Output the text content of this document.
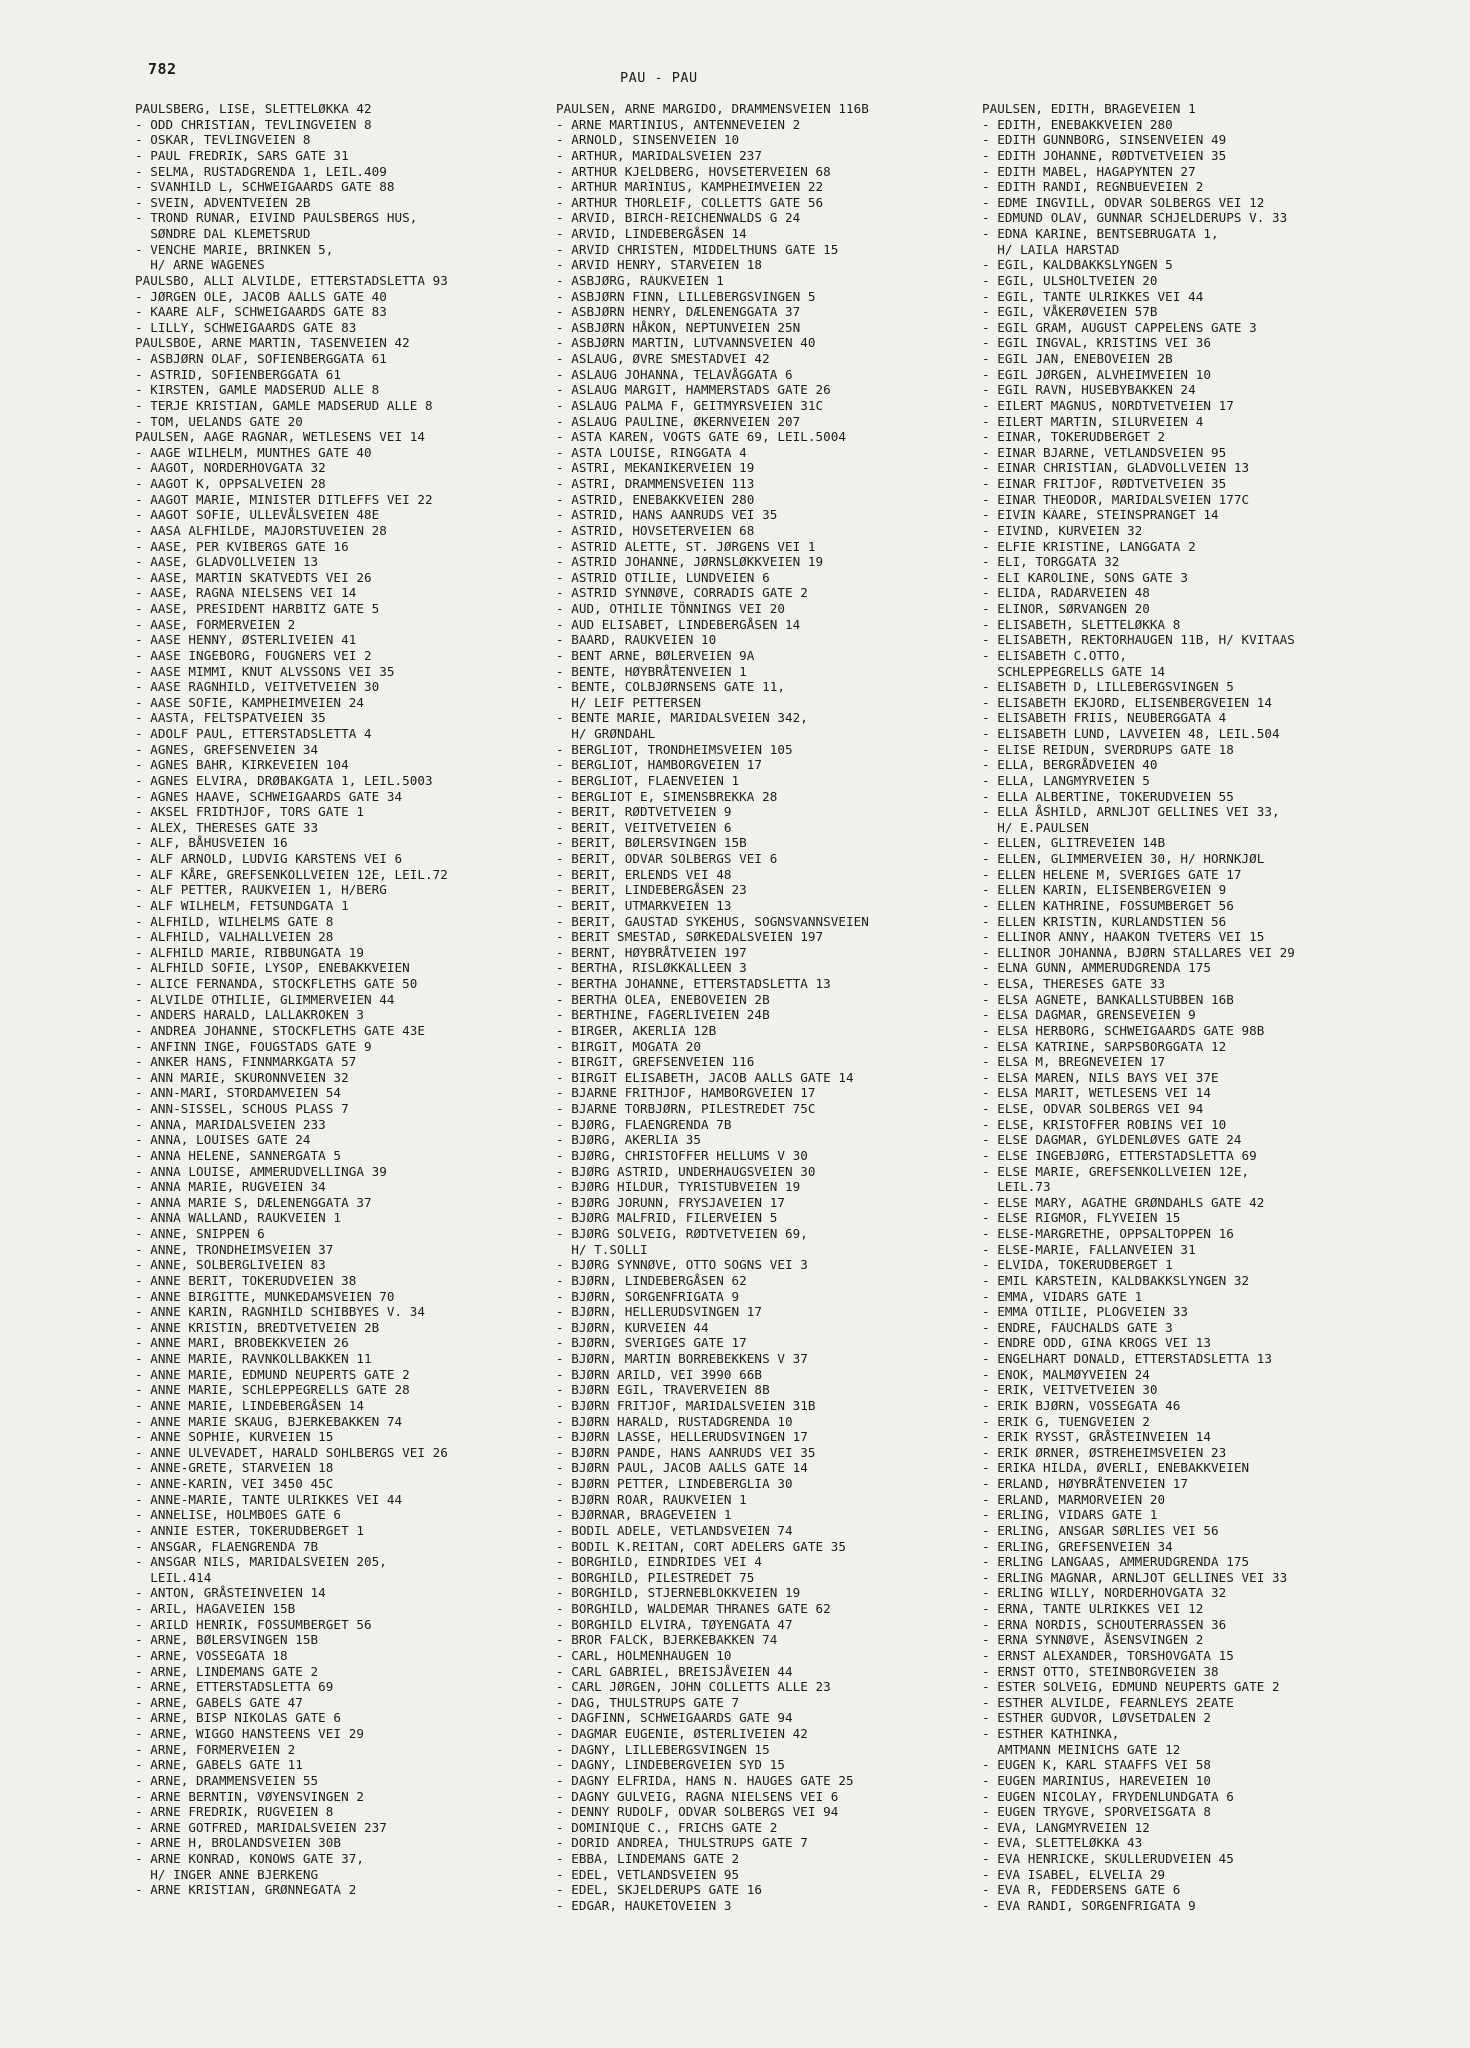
782	PAU - PAU
PAULSBERG, LISE, SLETTELØKKA 42
- ODD CHRISTIAN, TEVLINGVEIEN 8
- OSKAR, TEVLINGVEIEN 8
- PAUL FREDRIK, SARS GATE 31
- SELMA, RUSTADGRENDA 1, LEIL.409
- SVANHILD L, SCHWEIGAARDS GATE 88
- SVEIN, ADVENTVEIEN 2B
- TROND RUNAR, EIVIND PAULSBERGS HUS,
SØNDRE DAL KLEMETSRUD
- VENCHE MARIE, BRINKEN 5,
H/ ARNE WAGENES
PAULSBO, ALLI ALVILDE, ETTERSTADSLETTA 93
- JØRGEN OLE, JACOB AALLS GATE 40
- KAARE ALF, SCHWEIGAARDS GATE 83
- LILLY, SCHWEIGAARDS GATE 83
PAULSBOE, ARNE MARTIN, TASENVEIEN 42
- ASBJØRN OLAF, SOFIENBERGGATA 61
- ASTRID, SOFIENBERGGATA 61
- KIRSTEN, GAMLE MADSERUD ALLE 8
- TERJE KRISTIAN, GAMLE MADSERUD ALLE 8
- TOM, UELANDS GATE 20
PAULSEN, AAGE RAGNAR, WETLESENS VEI 14
- AAGE WILHELM, MUNTHES GATE 40
- AAGOT, NORDERHOVGATA 32
- AAGOT K, OPPSALVEIEN 28
- AAGOT MARIE, MINISTER DITLEFFS VEI 22
- AAGOT SOFIE, ULLEVÅLSVEIEN 48E
- AASA ALFHILDE, MAJORSTUVEIEN 28
- AASE, PER KVIBERGS GATE 16
- AASE, GLADVOLLVEIEN 13
- AASE, MARTIN SKATVEDTS VEI 26
- AASE, RAGNA NIELSENS VEI 14
- AASE, PRESIDENT HARBITZ GATE 5
- AASE, FORMERVEIEN 2
- AASE HENNY, ØSTERLIVEIEN 41
- AASE INGEBORG, FOUGNERS VEI 2
- AASE MIMMI, KNUT ALVSSONS VEI 35
- AASE RAGNHILD, VEITVETVEIEN 30
- AASE SOFIE, KAMPHEIMVEIEN 24
- AASTA, FELTSPATVEIEN 35
- ADOLF PAUL, ETTERSTADSLETTA 4
- AGNES, GREFSENVEIEN 34
- AGNES BAHR, KIRKEVEIEN 104
- AGNES ELVIRA, DRØBAKGATA 1, LEIL.5003
- AGNES HAAVE, SCHWEIGAARDS GATE 34
- AKSEL FRIDTHJOF, TORS GATE 1
- ALEX, THERESES GATE 33
- ALF, BÅHUSVEIEN 16
- ALF ARNOLD, LUDVIG KARSTENS VEI 6
- ALF KÅRE, GREFSENKOLLVEIEN 12E, LEIL.72
- ALF PETTER, RAUKVEIEN 1, H/BERG
- ALF WILHELM, FETSUNDGATA 1
- ALFHILD, WILHELMS GATE 8
- ALFHILD, VALHALLVEIEN 28
- ALFHILD MARIE, RIBBUNGATA 19
- ALFHILD SOFIE, LYSOP, ENEBAKKVEIEN
- ALICE FERNANDA, STOCKFLETHS GATE 50
- ALVILDE OTHILIE, GLIMMERVEIEN 44
- ANDERS HARALD, LALLAKROKEN 3
- ANDREA JOHANNE, STOCKFLETHS GATE 43E
- ANFINN INGE, FOUGSTADS GATE 9
- ANKER HANS, FINNMARKGATA 57
- ANN MARIE, SKURONNVEIEN 32
- ANN-MARI, STORDAMVEIEN 54
- ANN-SISSEL, SCHOUS PLASS 7
- ANNA, MARIDALSVEIEN 233
- ANNA, LOUISES GATE 24
- ANNA HELENE, SANNERGATA 5
- ANNA LOUISE, AMMERUDVELLINGA 39
- ANNA MARIE, RUGVEIEN 34
- ANNA MARIE S, DÆLENENGGATA 37
- ANNA WALLAND, RAUKVEIEN 1
- ANNE, SNIPPEN 6
- ANNE, TRONDHEIMSVEIEN 37
- ANNE, SOLBERGLIVEIEN 83
- ANNE BERIT, TOKERUDVEIEN 38
- ANNE BIRGITTE, MUNKEDAMSVEIEN 70
- ANNE KARIN, RAGNHILD SCHIBBYES V. 34
- ANNE KRISTIN, BREDTVETVEIEN 2B
- ANNE MARI, BROBEKKVEIEN 26
- ANNE MARIE, RAVNKOLLBAKKEN 11
- ANNE MARIE, EDMUND NEUPERTS GATE 2
- ANNE MARIE, SCHLEPPEGRELLS GATE 28
- ANNE MARIE, LINDEBERGÅSEN 14
- ANNE MARIE SKAUG, BJERKEBAKKEN 74
- ANNE SOPHIE, KURVEIEN 15
- ANNE ULVEVADET, HARALD SOHLBERGS VEI 26
- ANNE-GRETE, STARVEIEN 18
- ANNE-KARIN, VEI 3450 45C
- ANNE-MARIE, TANTE ULRIKKES VEI 44
- ANNELISE, HOLMBOES GATE 6
- ANNIE ESTER, TOKERUDBERGET 1
- ANSGAR, FLAENGRENDA 7B
- ANSGAR NILS, MARIDALSVEIEN 205,
LEIL.414
- ANTON, GRÅSTEINVEIEN 14
- ARIL, HAGAVEIEN 15B
- ARILD HENRIK, FOSSUMBERGET 56
- ARNE, BØLERSVINGEN 15B
- ARNE, VOSSEGATA 18
- ARNE, LINDEMANS GATE 2
- ARNE, ETTERSTADSLETTA 69
- ARNE, GABELS GATE 47
- ARNE, BISP NIKOLAS GATE 6
- ARNE, WIGGO HANSTEENS VEI 29
- ARNE, FORMERVEIEN 2
- ARNE, GABELS GATE 11
- ARNE, DRAMMENSVEIEN 55
- ARNE BERNTIN, VØYENSVINGEN 2
- ARNE FREDRIK, RUGVEIEN 8
- ARNE GOTFRED, MARIDALSVEIEN 237
- ARNE H, BROLANDSVEIEN 30B
- ARNE KONRAD, KONOWS GATE 37,
H/ INGER ANNE BJERKENG
- ARNE KRISTIAN, GRØNNEGATA 2
PAULSEN, ARNE MARGIDO, DRAMMENSVEIEN 116B
- ARNE MARTINIUS, ANTENNEVEIEN 2
- ARNOLD, SINSENVEIEN 10
- ARTHUR, MARIDALSVEIEN 237
- ARTHUR KJELDBERG, HOVSETERVEIEN 68
- ARTHUR MARINIUS, KAMPHEIMVEIEN 22
- ARTHUR THORLEIF, COLLETTS GATE 56
- ARVID, BIRCH-REICHENWALDS G 24
- ARVID, LINDEBERGÅSEN 14
- ARVID CHRISTEN, MIDDELTHUNS GATE 15
- ARVID HENRY, STARVEIEN 18
- ASBJØRG, RAUKVEIEN 1
- ASBJØRN FINN, LILLEBERGSVINGEN 5
- ASBJØRN HENRY, DÆLENENGGATA 37
- ASBJØRN HÅKON, NEPTUNVEIEN 25N
- ASBJØRN MARTIN, LUTVANNSVEIEN 40
- ASLAUG, ØVRE SMESTADVEI 42
- ASLAUG JOHANNA, TELAVÅGGATA 6
- ASLAUG MARGIT, HAMMERSTADS GATE 26
- ASLAUG PALMA F, GEITMYRSVEIEN 31C
- ASLAUG PAULINE, ØKERNVEIEN 207
- ASTA KAREN, VOGTS GATE 69, LEIL.5004
- ASTA LOUISE, RINGGATA 4
- ASTRI, MEKANIKERVEIEN 19
- ASTRI, DRAMMENSVEIEN 113
- ASTRID, ENEBAKKVEIEN 280
- ASTRID, HANS AANRUDS VEI 35
- ASTRID, HOVSETERVEIEN 68
- ASTRID ALETTE, ST. JØRGENS VEI 1
- ASTRID JOHANNE, JØRNSLØKKVEIEN 19
- ASTRID OTILIE, LUNDVEIEN 6
- ASTRID SYNNØVE, CORRADIS GATE 2
- AUD, OTHILIE TÖNNINGS VEI 20
- AUD ELISABET, LINDEBERGÅSEN 14
- BAARD, RAUKVEIEN 10
- BENT ARNE, BØLERVEIEN 9A
- BENTE, HØYBRÅTENVEIEN 1
- BENTE, COLBJØRNSENS GATE 11,
H/ LEIF PETTERSEN
- BENTE MARIE, MARIDALSVEIEN 342,
H/ GRØNDAHL
- BERGLIOT, TRONDHEIMSVEIEN 105
- BERGLIOT, HAMBORGVEIEN 17
- BERGLIOT, FLAENVEIEN 1
- BERGLIOT E, SIMENSBREKKA 28
- BERIT, RØDTVETVEIEN 9
- BERIT, VEITVETVEIEN 6
- BERIT, BØLERSVINGEN 15B
- BERIT, ODVAR SOLBERGS VEI 6
- BERIT, ERLENDS VEI 48
- BERIT, LINDEBERGÅSEN 23
- BERIT, UTMARKVEIEN 13
- BERIT, GAUSTAD SYKEHUS, SOGNSVANNSVEIEN
- BERIT SMESTAD, SØRKEDALSVEIEN 197
- BERNT, HØYBRÅTVEIEN 197
- BERTHA, RISLØKKALLEEN 3
- BERTHA JOHANNE, ETTERSTADSLETTA 13
- BERTHA OLEA, ENEBOVEIEN 2B
- BERTHINE, FAGERLIVEIEN 24B
- BIRGER, AKERLIA 12B
- BIRGIT, MOGATA 20
- BIRGIT, GREFSENVEIEN 116
- BIRGIT ELISABETH, JACOB AALLS GATE 14
- BJARNE FRITHJOF, HAMBORGVEIEN 17
- BJARNE TORBJØRN, PILESTREDET 75C
- BJØRG, FLAENGRENDA 7B
- BJØRG, AKERLIA 35
- BJØRG, CHRISTOFFER HELLUMS V 30
- BJØRG ASTRID, UNDERHAUGSVEIEN 30
- BJØRG HILDUR, TYRISTUBVEIEN 19
- BJØRG JORUNN, FRYSJAVEIEN 17
- BJØRG MALFRID, FILERVEIEN 5
- BJØRG SOLVEIG, RØDTVETVEIEN 69,
H/ T.SOLLI
- BJØRG SYNNØVE, OTTO SOGNS VEI 3
- BJØRN, LINDEBERGÅSEN 62
- BJØRN, SORGENFRIGATA 9
- BJØRN, HELLERUDSVINGEN 17
- BJØRN, KURVEIEN 44
- BJØRN, SVERIGES GATE 17
- BJØRN, MARTIN BORREBEKKENS V 37
- BJØRN ARILD, VEI 3990 66B
- BJØRN EGIL, TRAVERVEIEN 8B
- BJØRN FRITJOF, MARIDALSVEIEN 31B
- BJØRN HARALD, RUSTADGRENDA 10
- BJØRN LASSE, HELLERUDSVINGEN 17
- BJØRN PANDE, HANS AANRUDS VEI 35
- BJØRN PAUL, JACOB AALLS GATE 14
- BJØRN PETTER, LINDEBERGLIA 30
- BJØRN ROAR, RAUKVEIEN 1
- BJØRNAR, BRAGEVEIEN 1
- BODIL ADELE, VETLANDSVEIEN 74
- BODIL K.REITAN, CORT ADELERS GATE 35
- BORGHILD, EINDRIDES VEI 4
- BORGHILD, PILESTREDET 75
- BORGHILD, STJERNEBLOKKVEIEN 19
- BORGHILD, WALDEMAR THRANES GATE 62
- BORGHILD ELVIRA, TØYENGATA 47
- BROR FALCK, BJERKEBAKKEN 74
- CARL, HOLMENHAUGEN 10
- CARL GABRIEL, BREISJÅVEIEN 44
- CARL JØRGEN, JOHN COLLETTS ALLE 23
- DAG, THULSTRUPS GATE 7
- DAGFINN, SCHWEIGAARDS GATE 94
- DAGMAR EUGENIE, ØSTERLIVEIEN 42
- DAGNY, LILLEBERGSVINGEN 15
- DAGNY, LINDEBERGVEIEN SYD 15
- DAGNY ELFRIDA, HANS N. HAUGES GATE 25
- DAGNY GULVEIG, RAGNA NIELSENS VEI 6
- DENNY RUDOLF, ODVAR SOLBERGS VEI 94
- DOMINIQUE C., FRICHS GATE 2
- DORID ANDREA, THULSTRUPS GATE 7
- EBBA, LINDEMANS GATE 2
- EDEL, VETLANDSVEIEN 95
- EDEL, SKJELDERUPS GATE 16
- EDGAR, HAUKETOVEIEN 3
PAULSEN, EDITH, BRAGEVEIEN 1
- EDITH, ENEBAKKVEIEN 280
- EDITH GUNNBORG, SINSENVEIEN 49
- EDITH JOHANNE, RØDTVETVEIEN 35
- EDITH MABEL, HAGAPYNTEN 27
- EDITH RANDI, REGNBUEVEIEN 2
- EDME INGVILL, ODVAR SOLBERGS VEI 12
- EDMUND OLAV, GUNNAR SCHJELDERUPS V. 33
- EDNA KARINE, BENTSEBRUGATA 1,
H/ LAILA HARSTAD
- EGIL, KALDBAKKSLYNGEN 5
- EGIL, ULSHOLTVEIEN 20
- EGIL, TANTE ULRIKKES VEI 44
- EGIL, VÅKERØVEIEN 57B
- EGIL GRAM, AUGUST CAPPELENS GATE 3
- EGIL INGVAL, KRISTINS VEI 36
- EGIL JAN, ENEBOVEIEN 2B
- EGIL JØRGEN, ALVHEIMVEIEN 10
- EGIL RAVN, HUSEBYBAKKEN 24
- EILERT MAGNUS, NORDTVETVEIEN 17
- EILERT MARTIN, SILURVEIEN 4
- EINAR, TOKERUDBERGET 2
- EINAR BJARNE, VETLANDSVEIEN 95
- EINAR CHRISTIAN, GLADVOLLVEIEN 13
- EINAR FRITJOF, RØDTVETVEIEN 35
- EINAR THEODOR, MARIDALSVEIEN 177C
- EIVIN KAARE, STEINSPRANGET 14
- EIVIND, KURVEIEN 32
- ELFIE KRISTINE, LANGGATA 2
- ELI, TORGGATA 32
- ELI KAROLINE, SONS GATE 3
- ELIDA, RADARVEIEN 48
- ELINOR, SØRVANGEN 20
- ELISABETH, SLETTELØKKA 8
- ELISABETH, REKTORHAUGEN 11B, H/ KVITAAS
- ELISABETH C.OTTO,
SCHLEPPEGRELLS GATE 14
- ELISABETH D, LILLEBERGSVINGEN 5
- ELISABETH EKJORD, ELISENBERGVEIEN 14
- ELISABETH FRIIS, NEUBERGGATA 4
- ELISABETH LUND, LAVVEIEN 48, LEIL.504
- ELISE REIDUN, SVERDRUPS GATE 18
- ELLA, BERGRÅDVEIEN 40
- ELLA, LANGMYRVEIEN 5
- ELLA ALBERTINE, TOKERUDVEIEN 55
- ELLA ÅSHILD, ARNLJOT GELLINES VEI 33,
H/ E.PAULSEN
- ELLEN, GLITREVEIEN 14B
- ELLEN, GLIMMERVEIEN 30, H/ HORNKJØL
- ELLEN HELENE M, SVERIGES GATE 17
- ELLEN KARIN, ELISENBERGVEIEN 9
- ELLEN KATHRINE, FOSSUMBERGET 56
- ELLEN KRISTIN, KURLANDSTIEN 56
- ELLINOR ANNY, HAAKON TVETERS VEI 15
- ELLINOR JOHANNA, BJØRN STALLARES VEI 29
- ELNA GUNN, AMMERUDGRENDA 175
- ELSA, THERESES GATE 33
- ELSA AGNETE, BANKALLSTUBBEN 16B
- ELSA DAGMAR, GRENSEVEIEN 9
- ELSA HERBORG, SCHWEIGAARDS GATE 98B
- ELSA KATRINE, SARPSBORGGATA 12
- ELSA M, BREGNEVEIEN 17
- ELSA MAREN, NILS BAYS VEI 37E
- ELSA MARIT, WETLESENS VEI 14
- ELSE, ODVAR SOLBERGS VEI 94
- ELSE, KRISTOFFER ROBINS VEI 10
- ELSE DAGMAR, GYLDENLØVES GATE 24
- ELSE INGEBJØRG, ETTERSTADSLETTA 69
- ELSE MARIE, GREFSENKOLLVEIEN 12E,
LEIL.73
- ELSE MARY, AGATHE GRØNDAHLS GATE 42
- ELSE RIGMOR, FLYVEIEN 15
- ELSE-MARGRETHE, OPPSALTOPPEN 16
- ELSE-MARIE, FALLANVEIEN 31
- ELVIDA, TOKERUDBERGET 1
- EMIL KARSTEIN, KALDBAKKSLYNGEN 32
- EMMA, VIDARS GATE 1
- EMMA OTILIE, PLOGVEIEN 33
- ENDRE, FAUCHALDS GATE 3
- ENDRE ODD, GINA KROGS VEI 13
- ENGELHART DONALD, ETTERSTADSLETTA 13
- ENOK, MALMØYVEIEN 24
- ERIK, VEITVETVEIEN 30
- ERIK BJØRN, VOSSEGATA 46
- ERIK G, TUENGVEIEN 2
- ERIK RYSST, GRÅSTEINVEIEN 14
- ERIK ØRNER, ØSTREHEIMSVEIEN 23
- ERIKA HILDA, ØVERLI, ENEBAKKVEIEN
- ERLAND, HØYBRÅTENVEIEN 17
- ERLAND, MARMORVEIEN 20
- ERLING, VIDARS GATE 1
- ERLING, ANSGAR SØRLIES VEI 56
- ERLING, GREFSENVEIEN 34
- ERLING LANGAAS, AMMERUDGRENDA 175
- ERLING MAGNAR, ARNLJOT GELLINES VEI 33
- ERLING WILLY, NORDERHOVGATA 32
- ERNA, TANTE ULRIKKES VEI 12
- ERNA NORDIS, SCHOUTERRASSEN 36
- ERNA SYNNØVE, ÅSENSVINGEN 2
- ERNST ALEXANDER, TORSHOVGATA 15
- ERNST OTTO, STEINBORGVEIEN 38
- ESTER SOLVEIG, EDMUND NEUPERTS GATE 2
- ESTHER ALVILDE, FEARNLEYS 2EATE
- ESTHER GUDVOR, LØVSETDALEN 2
- ESTHER KATHINKA,
AMTMANN MEINICHS GATE 12
- EUGEN K, KARL STAAFFS VEI 58
- EUGEN MARINIUS, HAREVEIEN 10
- EUGEN NICOLAY, FRYDENLUNDGATA 6
- EUGEN TRYGVE, SPORVEISGATA 8
- EVA, LANGMYRVEIEN 12
- EVA, SLETTELØKKA 43
- EVA HENRICKE, SKULLERUDVEIEN 45
- EVA ISABEL, ELVELIA 29
- EVA R, FEDDERSENS GATE 6
- EVA RANDI, SORGENFRIGATA 9
